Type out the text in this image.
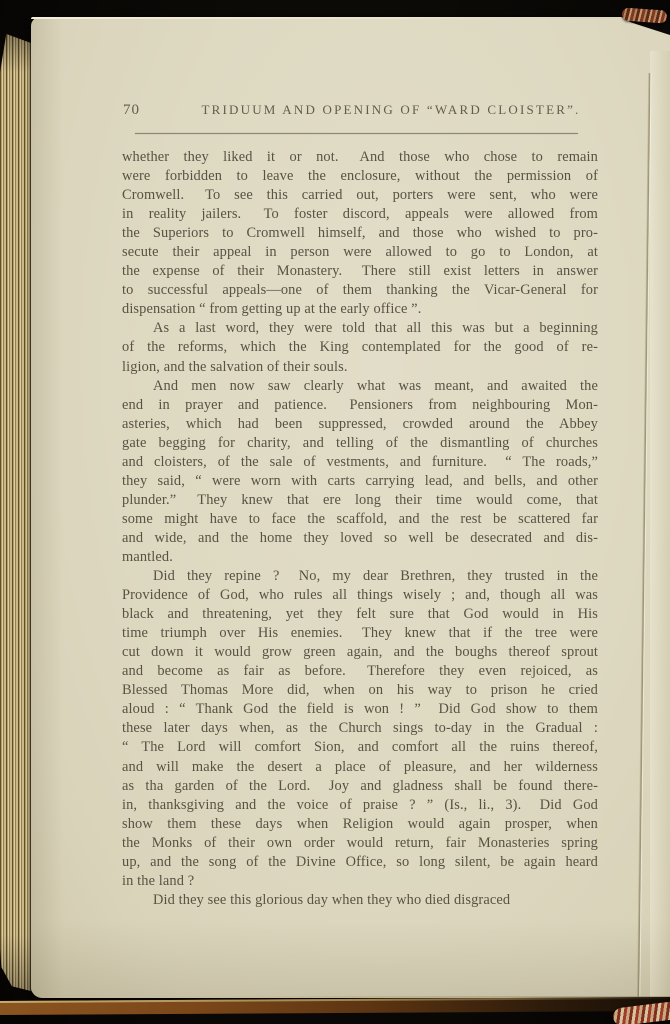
70	TRIDUUM AND OPENING OF “WARD CLOISTER”.
whether they liked it or not.  And those who chose to remain
were forbidden to leave the enclosure, without the permission of
Cromwell.  To see this carried out, porters were sent, who were
in reality jailers.  To foster discord, appeals were allowed from
the Superiors to Cromwell himself, and those who wished to pro-
secute their appeal in person were allowed to go to London, at
the expense of their Monastery.  There still exist letters in answer
to successful appeals—one of them thanking the Vicar-General for
dispensation “ from getting up at the early office ”.
As a last word, they were told that all this was but a beginning
of the reforms, which the King contemplated for the good of re-
ligion, and the salvation of their souls.
And men now saw clearly what was meant, and awaited the
end in prayer and patience.  Pensioners from neighbouring Mon-
asteries, which had been suppressed, crowded around the Abbey
gate begging for charity, and telling of the dismantling of churches
and cloisters, of the sale of vestments, and furniture.  “ The roads,”
they said, “ were worn with carts carrying lead, and bells, and other
plunder.”  They knew that ere long their time would come, that
some might have to face the scaffold, and the rest be scattered far
and wide, and the home they loved so well be desecrated and dis-
mantled.
Did they repine ?  No, my dear Brethren, they trusted in the
Providence of God, who rules all things wisely ; and, though all was
black and threatening, yet they felt sure that God would in His
time triumph over His enemies.  They knew that if the tree were
cut down it would grow green again, and the boughs thereof sprout
and become as fair as before.  Therefore they even rejoiced, as
Blessed Thomas More did, when on his way to prison he cried
aloud : “ Thank God the field is won ! ”  Did God show to them
these later days when, as the Church sings to-day in the Gradual :
“ The Lord will comfort Sion, and comfort all the ruins thereof,
and will make the desert a place of pleasure, and her wilderness
as tha garden of the Lord.  Joy and gladness shall be found there-
in, thanksgiving and the voice of praise ? ” (Is., li., 3).  Did God
show them these days when Religion would again prosper, when
the Monks of their own order would return, fair Monasteries spring
up, and the song of the Divine Office, so long silent, be again heard
in the land ?
Did they see this glorious day when they who died disgraced
